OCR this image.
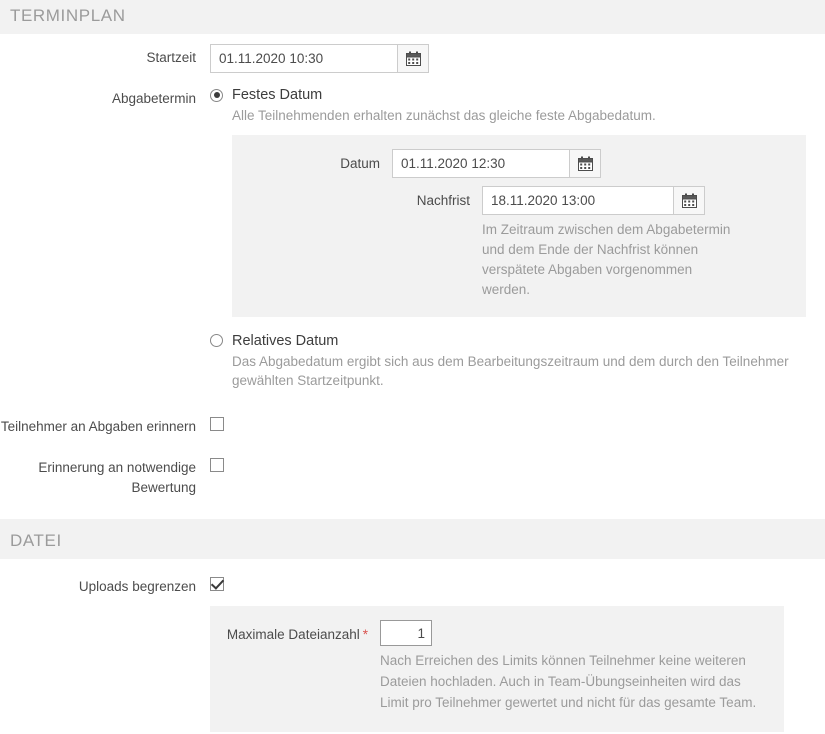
TERMINPLAN
Startzeit
01.11.2020 10:30
Abgabetermin	Festes Datum
Alle Teilnehmenden erhalten zunächst das gleiche feste Abgabedatum.
Datum
01.11.2020 12:30
Nachfrist
18.11.2020 13:00
Im Zeitraum zwischen dem Abgabetermin und dem Ende der Nachfrist können verspätete Abgaben vorgenommen werden.
Relatives Datum
Das Abgabedatum ergibt sich aus dem Bearbeitungszeitraum und dem durch den Teilnehmer gewählten Startzeitpunkt.
Teilnehmer an Abgaben erinnern
Erinnerung an notwendige Bewertung
DATEI
Uploads begrenzen
Maximale Dateianzahl *
1
Nach Erreichen des Limits können Teilnehmer keine weiteren Dateien hochladen. Auch in Team-Übungseinheiten wird das Limit pro Teilnehmer gewertet und nicht für das gesamte Team.
